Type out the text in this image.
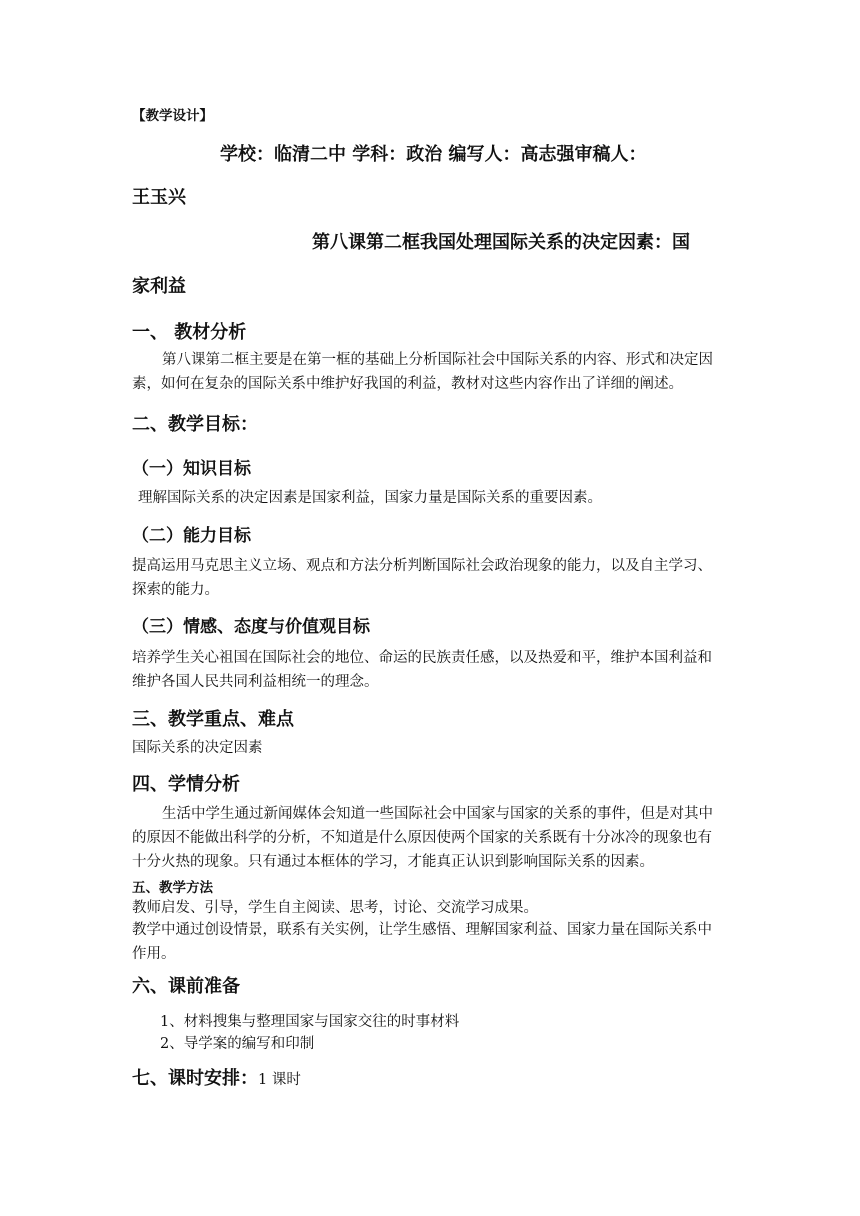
【教学设计】
学校：临清二中 学科：政治 编写人：高志强审稿人：
王玉兴
第八课第二框我国处理国际关系的决定因素：国
家利益
一、 教材分析
第八课第二框主要是在第一框的基础上分析国际社会中国际关系的内容、形式和决定因
素，如何在复杂的国际关系中维护好我国的利益，教材对这些内容作出了详细的阐述。
二、教学目标：
（一）知识目标
理解国际关系的决定因素是国家利益，国家力量是国际关系的重要因素。
（二）能力目标
提高运用马克思主义立场、观点和方法分析判断国际社会政治现象的能力，以及自主学习、
探索的能力。
（三）情感、态度与价值观目标
培养学生关心祖国在国际社会的地位、命运的民族责任感，以及热爱和平，维护本国利益和
维护各国人民共同利益相统一的理念。
三、教学重点、难点
国际关系的决定因素
四、学情分析
生活中学生通过新闻媒体会知道一些国际社会中国家与国家的关系的事件，但是对其中
的原因不能做出科学的分析，不知道是什么原因使两个国家的关系既有十分冰冷的现象也有
十分火热的现象。只有通过本框体的学习，才能真正认识到影响国际关系的因素。
五、教学方法
教师启发、引导，学生自主阅读、思考，讨论、交流学习成果。
教学中通过创设情景，联系有关实例，让学生感悟、理解国家利益、国家力量在国际关系中
作用。
六、课前准备
1、材料搜集与整理国家与国家交往的时事材料
2、导学案的编写和印制
七、课时安排：1 课时
